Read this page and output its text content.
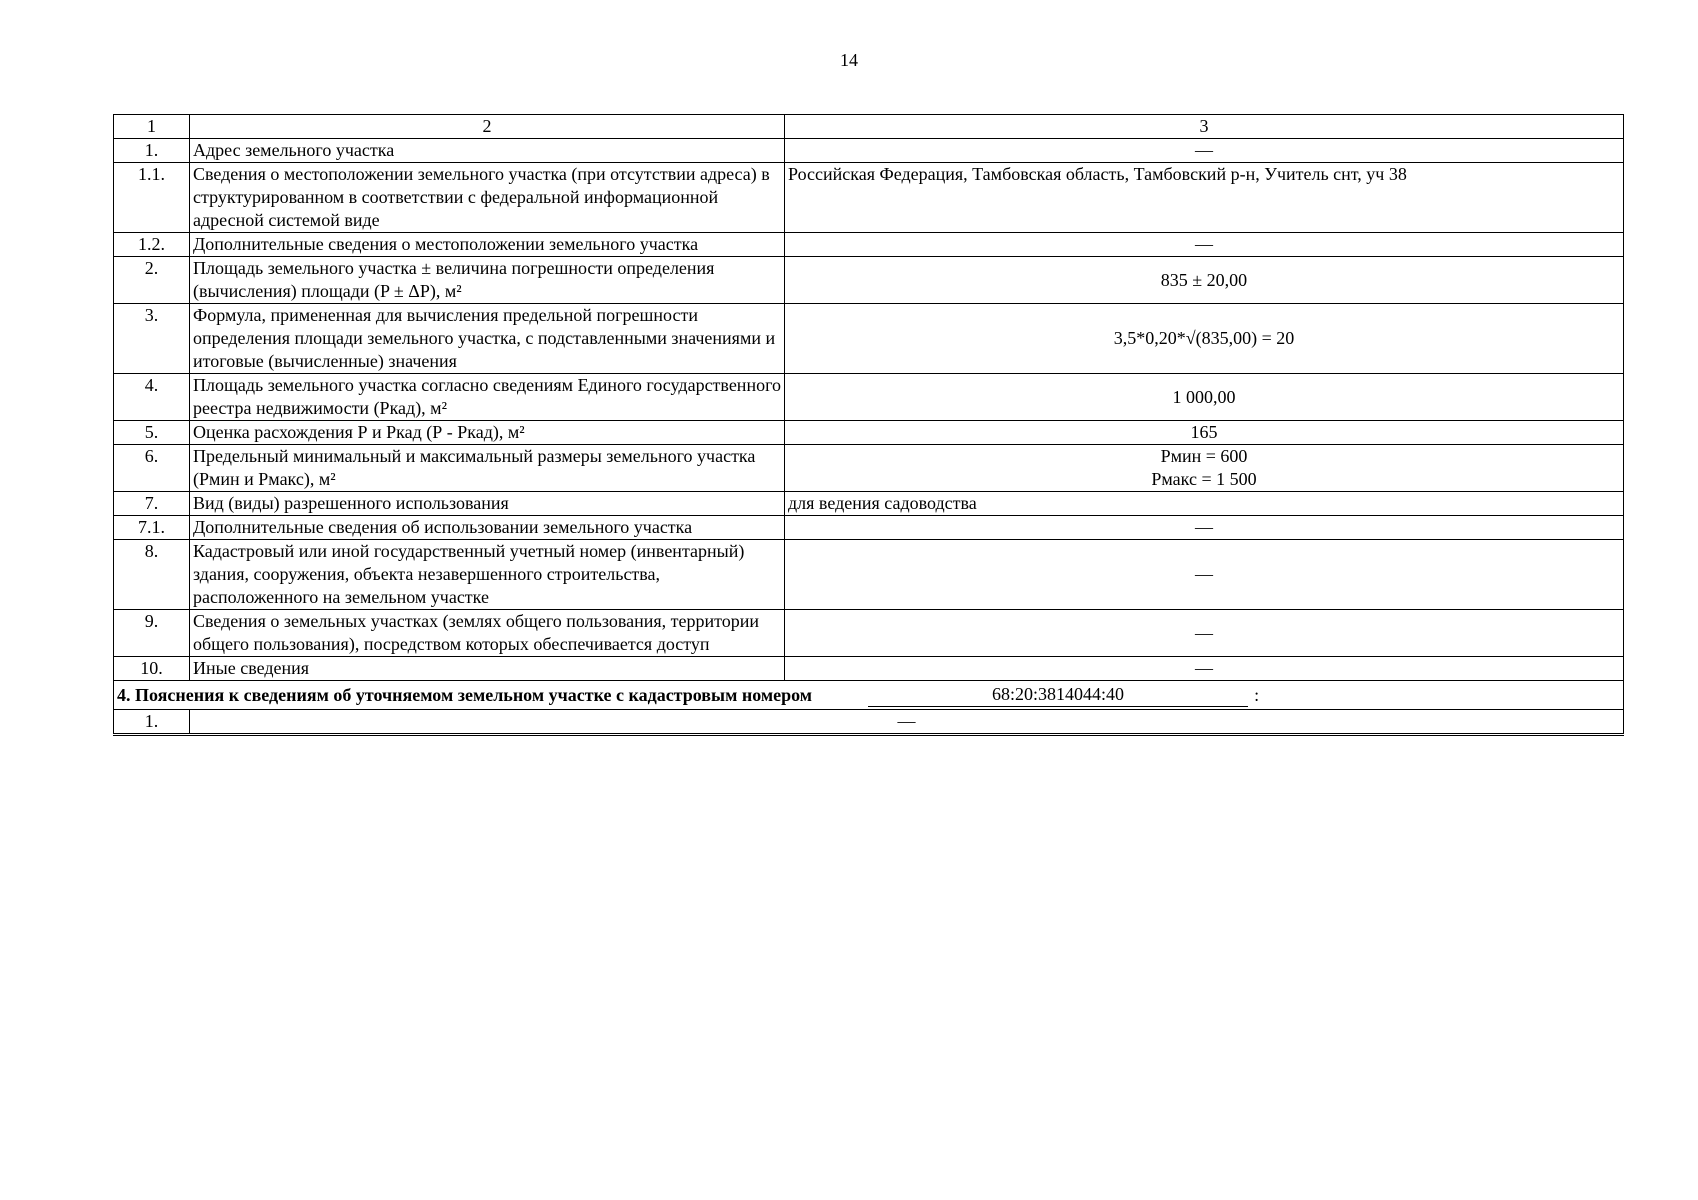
14
1	2	3
1.	Адрес земельного участка	—
1.1.	Сведения о местоположении земельного участка (при отсутствии адреса) в структурированном в соответствии с федеральной информационной адресной системой виде	Российская Федерация, Тамбовская область, Тамбовский р-н, Учитель снт, уч 38
1.2.	Дополнительные сведения о местоположении земельного участка	—
2.	Площадь земельного участка ± величина погрешности определения (вычисления) площади (P ± ΔP), м²	835 ± 20,00
3.	Формула, примененная для вычисления предельной погрешности определения площади земельного участка, с подставленными значениями и итоговые (вычисленные) значения	3,5*0,20*√(835,00) = 20
4.	Площадь земельного участка согласно сведениям Единого государственного реестра недвижимости (Ркад), м²	1 000,00
5.	Оценка расхождения Р и Ркад (Р - Ркад), м²	165
6.	Предельный минимальный и максимальный размеры земельного участка (Pмин и Pмакс), м²	Pмин = 600
Pмакс = 1 500

7.	Вид (виды) разрешенного использования	для ведения садоводства
7.1.	Дополнительные сведения об использовании земельного участка	—
8.	Кадастровый или иной государственный учетный номер (инвентарный) здания, сооружения, объекта незавершенного строительства, расположенного на земельном участке	—
9.	Сведения о земельных участках (землях общего пользования, территории общего пользования), посредством которых обеспечивается доступ	—
10.	Иные сведения	—

4. Пояснения к сведениям об уточняемом земельном участке с кадастровым номером 68:20:3814044:40 :		

1.	—	
